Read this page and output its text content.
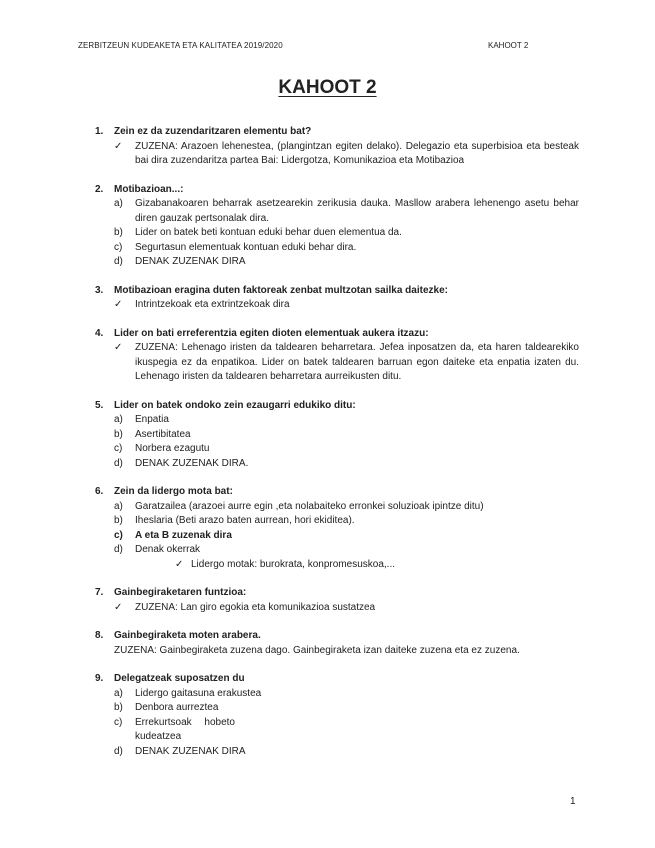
ZERBITZEUN KUDEAKETA ETA KALITATEA 2019/2020	KAHOOT 2
KAHOOT 2
1.	Zein ez da zuzendaritzaren elementu bat?
✓	ZUZENA: Arazoen lehenestea, (plangintzan egiten delako). Delegazio eta superbisioa eta besteak bai dira zuzendaritza partea Bai: Lidergotza, Komunikazioa eta Motibazioa
2.	Motibazioan...:
a)	Gizabanakoaren beharrak asetzearekin zerikusia dauka. Masllow arabera lehenengo asetu behar diren gauzak pertsonalak dira.
b)	Lider on batek beti kontuan eduki behar duen elementua da.
c)	Segurtasun elementuak kontuan eduki behar dira.
d)	DENAK ZUZENAK DIRA
3.	Motibazioan eragina duten faktoreak zenbat multzotan sailka daitezke:
✓	Intrintzekoak eta extrintzekoak dira
4.	Lider on bati erreferentzia egiten dioten elementuak aukera itzazu:
✓	ZUZENA: Lehenago iristen da taldearen beharretara. Jefea inposatzen da, eta haren taldearekiko ikuspegia ez da enpatikoa. Lider on batek taldearen barruan egon daiteke eta enpatia izaten du. Lehenago iristen da taldearen beharretara aurreikusten ditu.
5.	Lider on batek ondoko zein ezaugarri edukiko ditu:
a)	Enpatia
b)	Asertibitatea
c)	Norbera ezagutu
d)	DENAK ZUZENAK DIRA.
6.	Zein da lidergo mota bat:
a)	Garatzailea (arazoei aurre egin ,eta nolabaiteko erronkei soluzioak ipintze ditu)
b)	Iheslaria (Beti arazo baten aurrean, hori ekiditea).
c)	A eta B zuzenak dira
d)	Denak okerrak
✓ Lidergo motak: burokrata, konpromesuskoa,...
7.	Gainbegiraketaren funtzioa:
✓	ZUZENA: Lan giro egokia eta komunikazioa sustatzea
8.	Gainbegiraketa moten arabera.
ZUZENA: Gainbegiraketa zuzena dago. Gainbegiraketa izan daiteke zuzena eta ez zuzena.
9.	Delegatzeak suposatzen du
a)	Lidergo gaitasuna erakustea
b)	Denbora aurreztea
c)	Errekurtsoak hobeto kudeatzea
d)	DENAK ZUZENAK DIRA
1
